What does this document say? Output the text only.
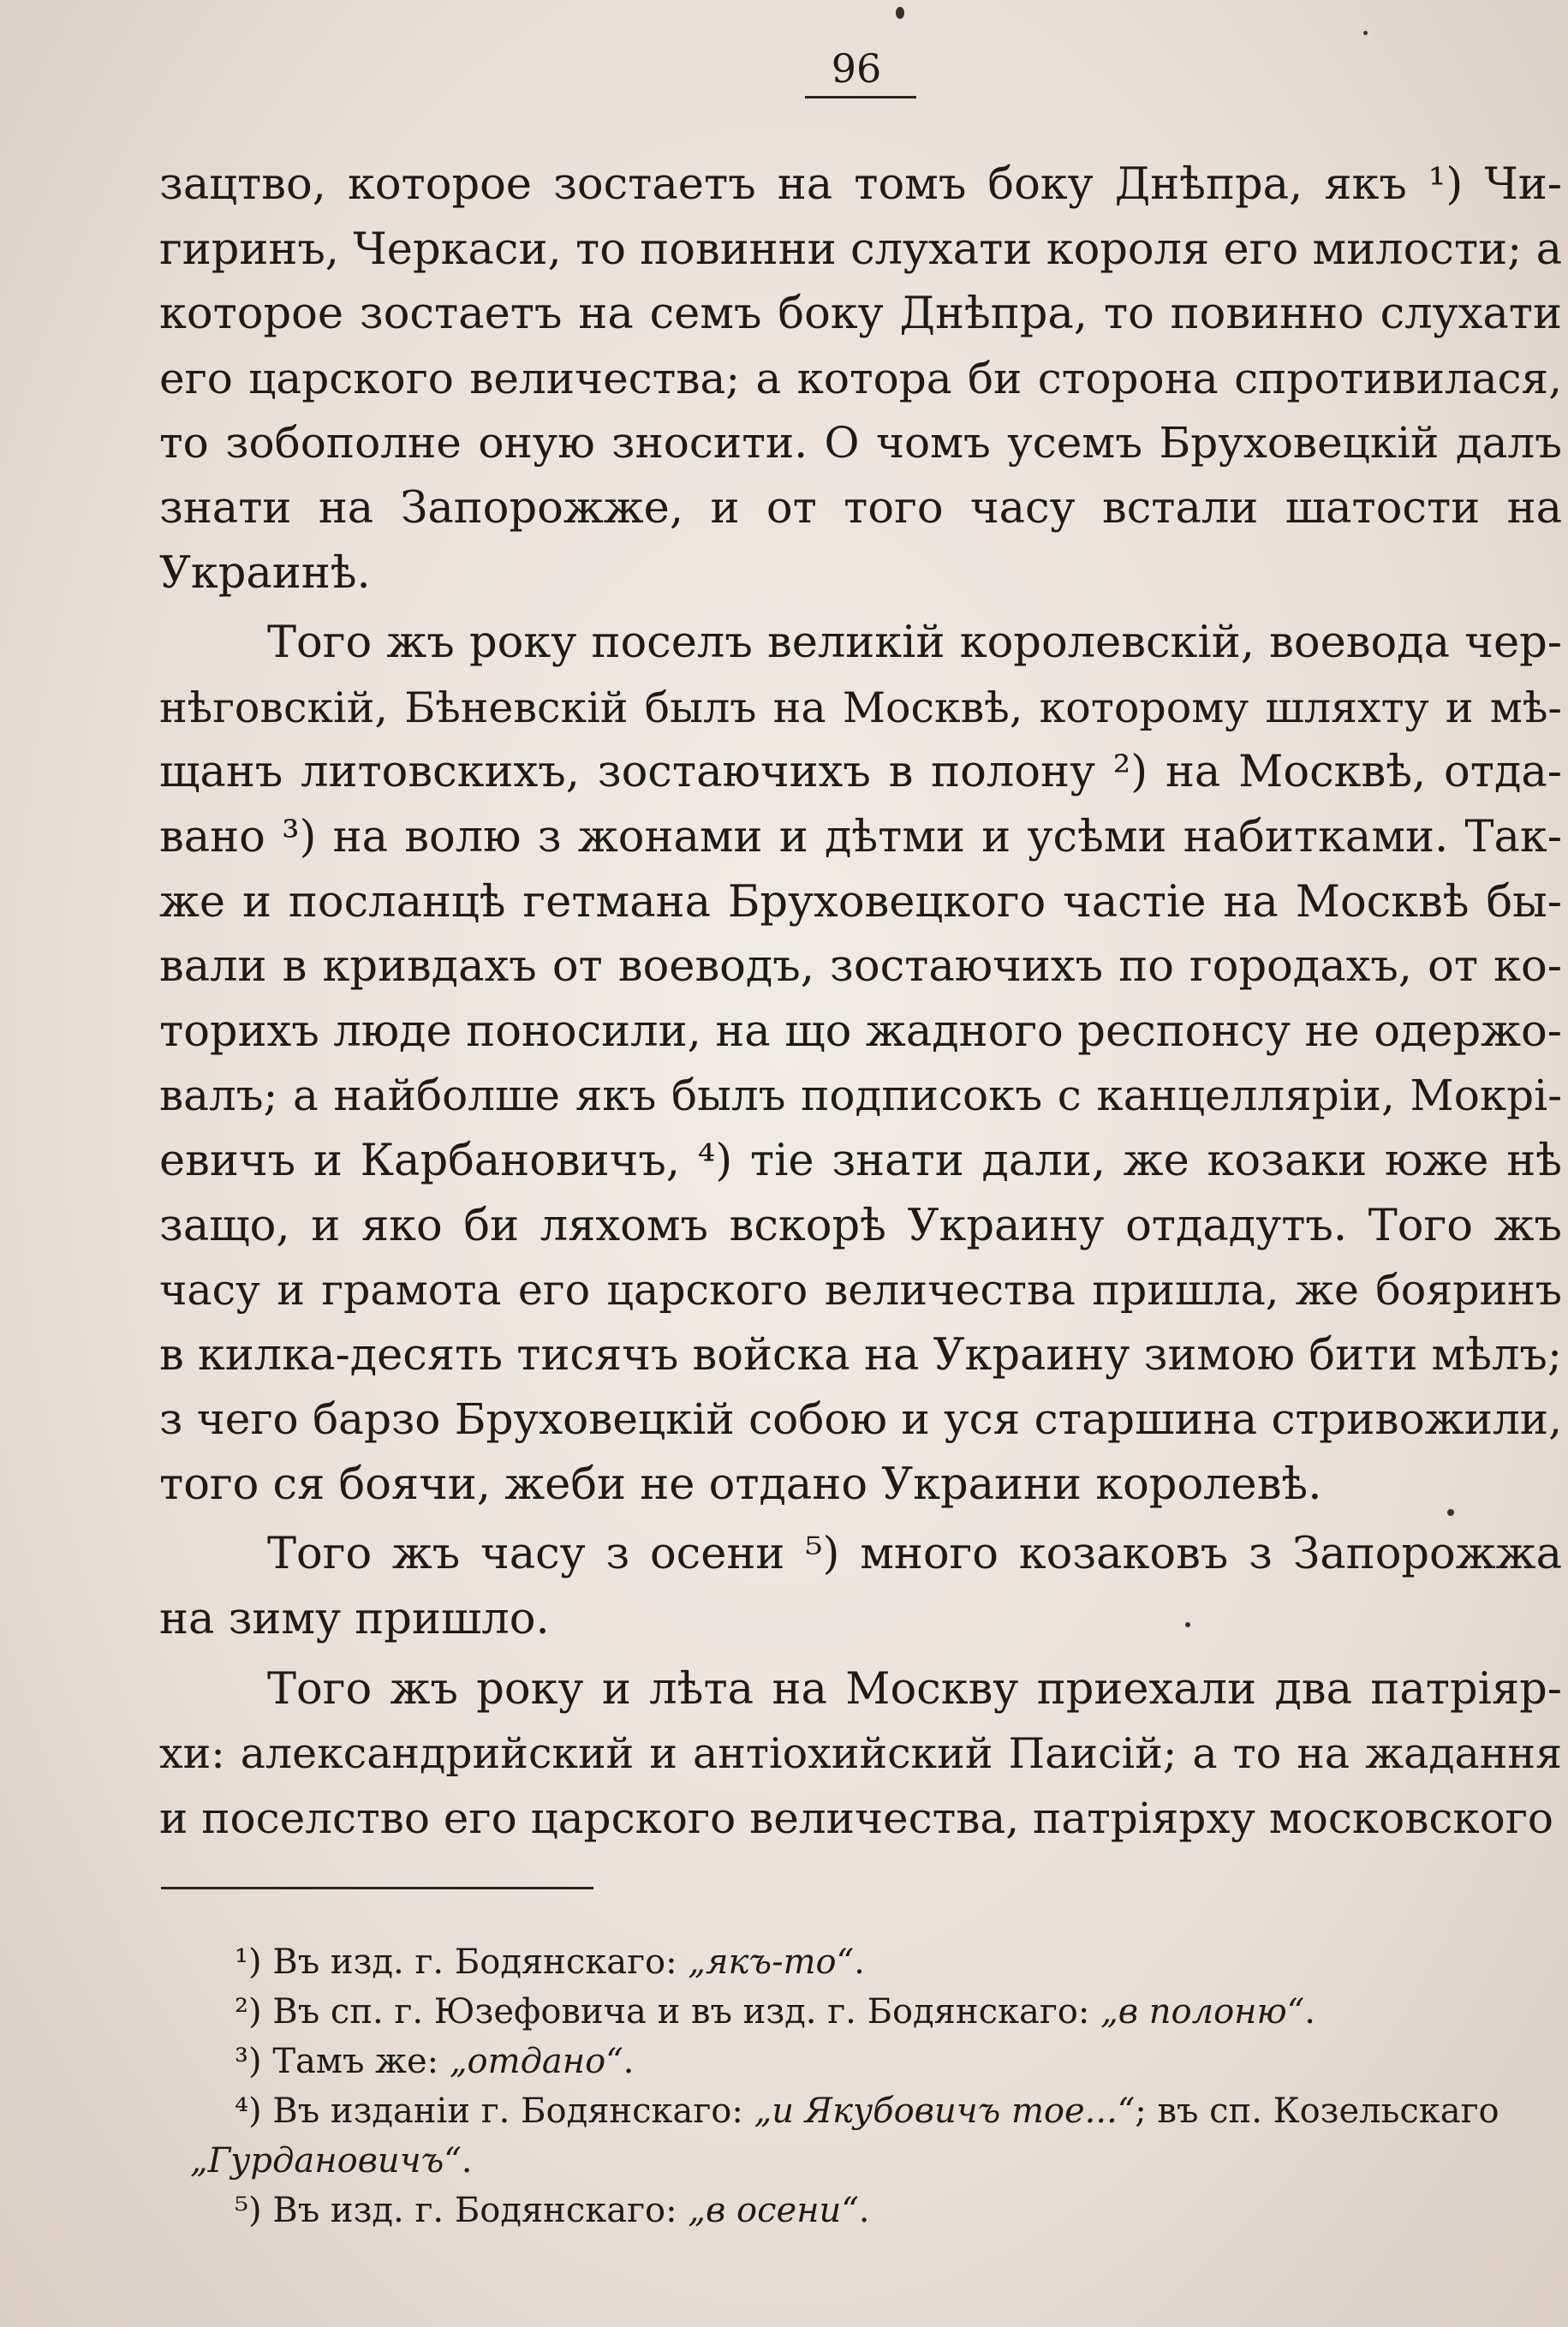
96
зацтво, которое зостаетъ на томъ боку Днѣпра, якъ ¹) Чи-
гиринъ, Черкаси, то повинни слухати короля его милости; а
которое зостаетъ на семъ боку Днѣпра, то повинно слухати
его царского величества; а котора би сторона спротивилася,
то зобополне оную зносити. О чомъ усемъ Бруховецкій далъ
знати на Запорожже, и от того часу встали шатости на
Украинѣ.
Того жъ року поселъ великій королевскій, воевода чер-
нѣговскій, Бѣневскій былъ на Москвѣ, которому шляхту и мѣ-
щанъ литовскихъ, зостаючихъ в полону ²) на Москвѣ, отда-
вано ³) на волю з жонами и дѣтми и усѣми набитками. Так-
же и посланцѣ гетмана Бруховецкого частіе на Москвѣ бы-
вали в кривдахъ от воеводъ, зостаючихъ по городахъ, от ко-
торихъ люде поносили, на що жадного респонсу не одержо-
валъ; а найболше якъ былъ подписокъ с канцелляріи, Мокрі-
евичъ и Карбановичъ, ⁴) тіе знати дали, же козаки юже нѣ
защо, и яко би ляхомъ вскорѣ Украину отдадутъ. Того жъ
часу и грамота его царского величества пришла, же бояринъ
в килка-десять тисячъ войска на Украину зимою бити мѣлъ;
з чего барзо Бруховецкій собою и уся старшина стривожили,
того ся боячи, жеби не отдано Украини королевѣ.
Того жъ часу з осени ⁵) много козаковъ з Запорожжа
на зиму пришло.
Того жъ року и лѣта на Москву приехали два патріяр-
хи: александрийский и антіохийский Паисій; а то на жадання
и поселство его царского величества, патріярху московского
¹) Въ изд. г. Бодянскаго: „якъ-то“.
²) Въ сп. г. Юзефовича и въ изд. г. Бодянскаго: „в полоню“.
³) Тамъ же: „отдано“.
⁴) Въ изданіи г. Бодянскаго: „и Якубовичъ тое...“; въ сп. Козельскаго
„Гурдановичъ“.
⁵) Въ изд. г. Бодянскаго: „в осени“.
